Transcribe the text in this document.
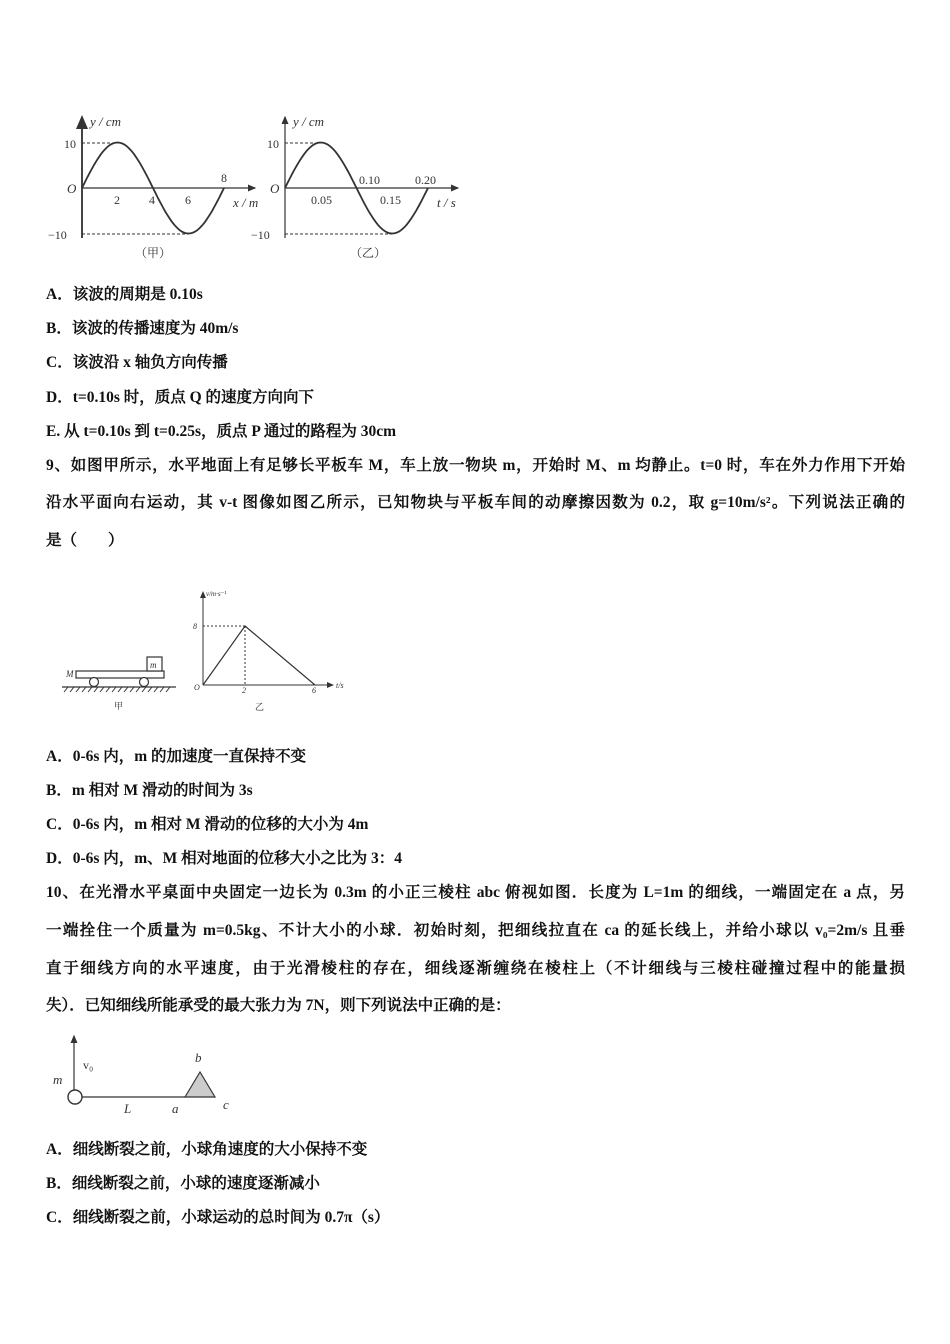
y / cm
O
10
−10
2 4	6
8
x / m
（甲）
y / cm
O
10
−10
0.05	0.15
0.10	0.20
t / s
（乙）
m
M
甲
v/m·s⁻¹
t/s
O
8
2	6
乙
m
v₀
L	a
b
c
A．该波的周期是 0.10s
B．该波的传播速度为 40m/s
C．该波沿 x 轴负方向传播
D．t=0.10s 时，质点 Q 的速度方向向下
E. 从 t=0.10s 到 t=0.25s，质点 P 通过的路程为 30cm
9、如图甲所示，水平地面上有足够长平板车 M，车上放一物块 m，开始时 M、m 均静止。t=0 时，车在外力作用下开始
沿水平面向右运动，其 v-t 图像如图乙所示，已知物块与平板车间的动摩擦因数为 0.2，取 g=10m/s²。下列说法正确的
是（　　）
A．0-6s 内，m 的加速度一直保持不变
B．m 相对 M 滑动的时间为 3s
C．0-6s 内，m 相对 M 滑动的位移的大小为 4m
D．0-6s 内，m、M 相对地面的位移大小之比为 3：4
10、在光滑水平桌面中央固定一边长为 0.3m 的小正三棱柱 abc 俯视如图．长度为 L=1m 的细线，一端固定在 a 点，另
一端拴住一个质量为 m=0.5kg、不计大小的小球．初始时刻，把细线拉直在 ca 的延长线上，并给小球以 v₀=2m/s 且垂
直于细线方向的水平速度，由于光滑棱柱的存在，细线逐渐缠绕在棱柱上（不计细线与三棱柱碰撞过程中的能量损
失）．已知细线所能承受的最大张力为 7N，则下列说法中正确的是：
A．细线断裂之前，小球角速度的大小保持不变
B．细线断裂之前，小球的速度逐渐减小
C．细线断裂之前，小球运动的总时间为 0.7π（s）
